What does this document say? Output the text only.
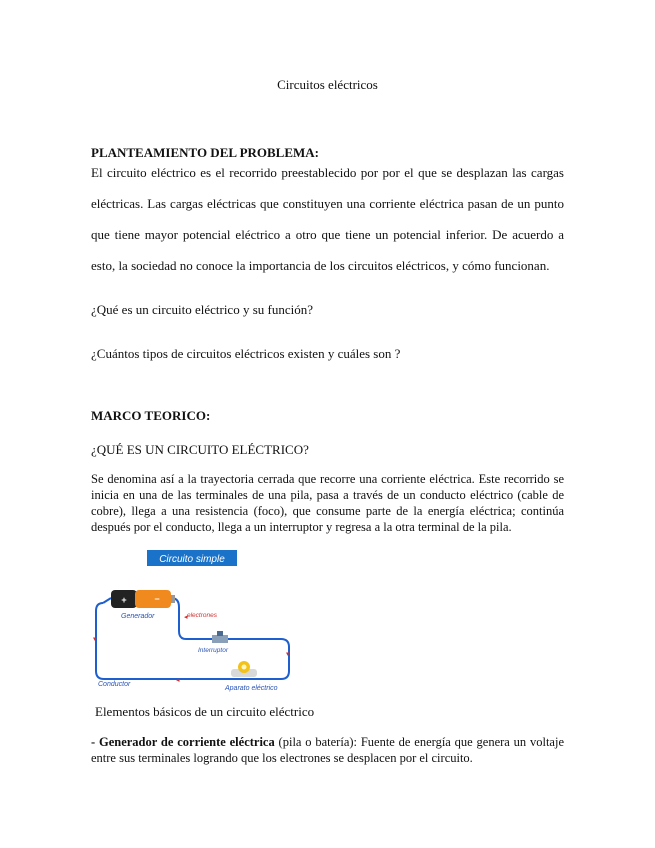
Circuitos eléctricos
PLANTEAMIENTO DEL PROBLEMA:

El circuito eléctrico es el recorrido preestablecido por por el que se desplazan las cargas eléctricas. Las cargas eléctricas que constituyen una corriente eléctrica pasan de un punto que tiene mayor potencial eléctrico a otro que tiene un potencial inferior. De acuerdo a esto, la sociedad no conoce la importancia de los circuitos eléctricos, y cómo funcionan.

¿Qué es un circuito eléctrico y su función?
¿Cuántos tipos de circuitos eléctricos existen y cuáles son ?
MARCO TEORICO:
¿QUÉ ES UN CIRCUITO ELÉCTRICO?

Se denomina así a la trayectoria cerrada que recorre una corriente eléctrica. Este recorrido se inicia en una de las terminales de una pila, pasa a través de un conducto eléctrico (cable de cobre), llega a una resistencia (foco), que consume parte de la energía eléctrica; continúa después por el conducto, llega a un interruptor y regresa a la otra terminal de la pila.

Circuito simple
+	−
Generador	electrones
◂
Interruptor
▾
▾
◂
Conductor
Aparato eléctrico
Elementos básicos de un circuito eléctrico
- Generador de corriente eléctrica (pila o batería): Fuente de energía que genera un voltaje entre sus terminales logrando que los electrones se desplacen por el circuito.
